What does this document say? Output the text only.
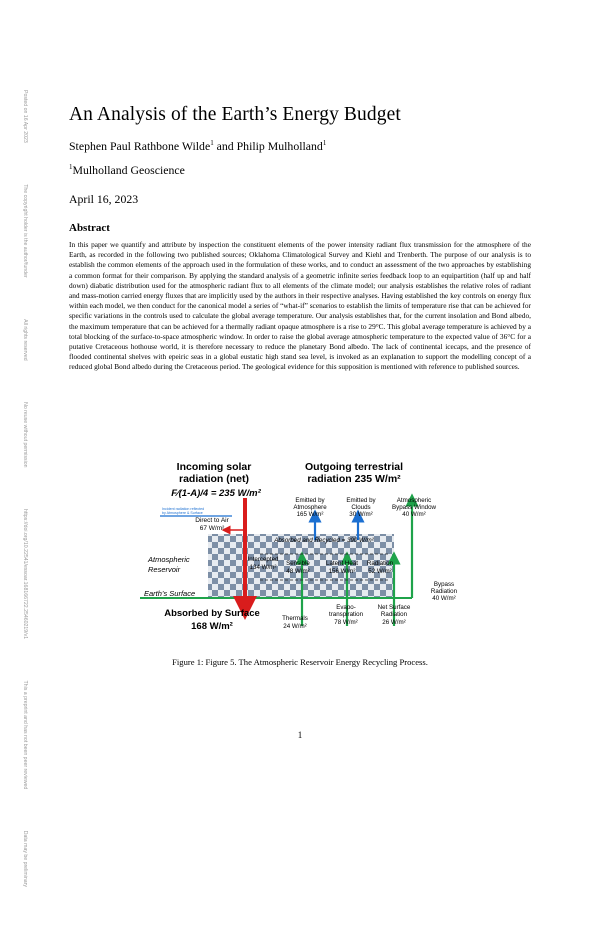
Posted on 16 Apr 2023 The copyright holder is the author/funder All rights reserved No reuse without permission https://doi.org/10.22541/essoar.168166722.25460219/v1 This a preprint and has not been peer reviewed Data may be preliminary
An Analysis of the Earth’s Energy Budget
Stephen Paul Rathbone Wilde$^1$ and Philip Mulholland$^1$
$^1$Mulholland Geoscience
April 16, 2023
Abstract
In this paper we quantify and attribute by inspection the constituent elements of the power intensity radiant flux transmission for the atmosphere of the Earth, as recorded in the following two published sources; Oklahoma Climatological Survey and Kiehl and Trenberth. The purpose of our analysis is to establish the common elements of the approach used in the formulation of these works, and to conduct an assessment of the two approaches by establishing a common format for their comparison. By applying the standard analysis of a geometric infinite series feedback loop to an equipartition (half up and half down) diabatic distribution used for the atmospheric radiant flux to all elements of the climate model; our analysis establishes the relative roles of radiant and mass-motion carried energy fluxes that are implicitly used by the authors in their respective analyses. Having established the key controls on energy flux within each model, we then conduct for the canonical model a series of “what-if” scenarios to establish the limits of temperature rise that can be achieved for specific variations in the controls used to calculate the global average temperature. Our analysis establishes that, for the current insolation and Bond albedo, the maximum temperature that can be achieved for a thermally radiant opaque atmosphere is a rise to 29°C. This global average temperature is achieved by a total blocking of the surface-to-space atmospheric window. In order to raise the global average atmospheric temperature to the expected value of 36°C for a putative Cretaceous hothouse world, it is therefore necessary to reduce the planetary Bond albedo. The lack of continental icecaps, and the presence of flooded continental shelves with epeiric seas in a global eustatic high stand sea level, is invoked as an explanation to support the modelling concept of a reduced global Bond albedo during the Cretaceous period. The geological evidence for this supposition is mentioned with reference to published sources.
Incoming solar
radiation (net)
F⁄(1-A)/4 = 235 W/m²
Outgoing terrestrial
radiation 235 W/m²
Incident radiation reflected
by Atmosphere & Surface
Direct to Air
67 W/m²
Emitted by
Atmosphere
165 W/m²
Emitted by
Clouds
30 W/m²
Atmospheric
Bypass Window
40 W/m²
Absorbed and Recycled = 390 W/m²
Atmospheric
Reservoir
Intercepted
134 W/m²
Sensible
48 W/m²
Latent Heat
156 W/m²
Radiation
52 W/m²
Bypass
Radiation
40 W/m²
Earth’s Surface
Absorbed by Surface
168 W/m²
Thermals
24 W/m²
Evapo-
transpiration
78 W/m²
Net Surface
Radiation
26 W/m²
Figure 1: Figure 5. The Atmospheric Reservoir Energy Recycling Process.
1
